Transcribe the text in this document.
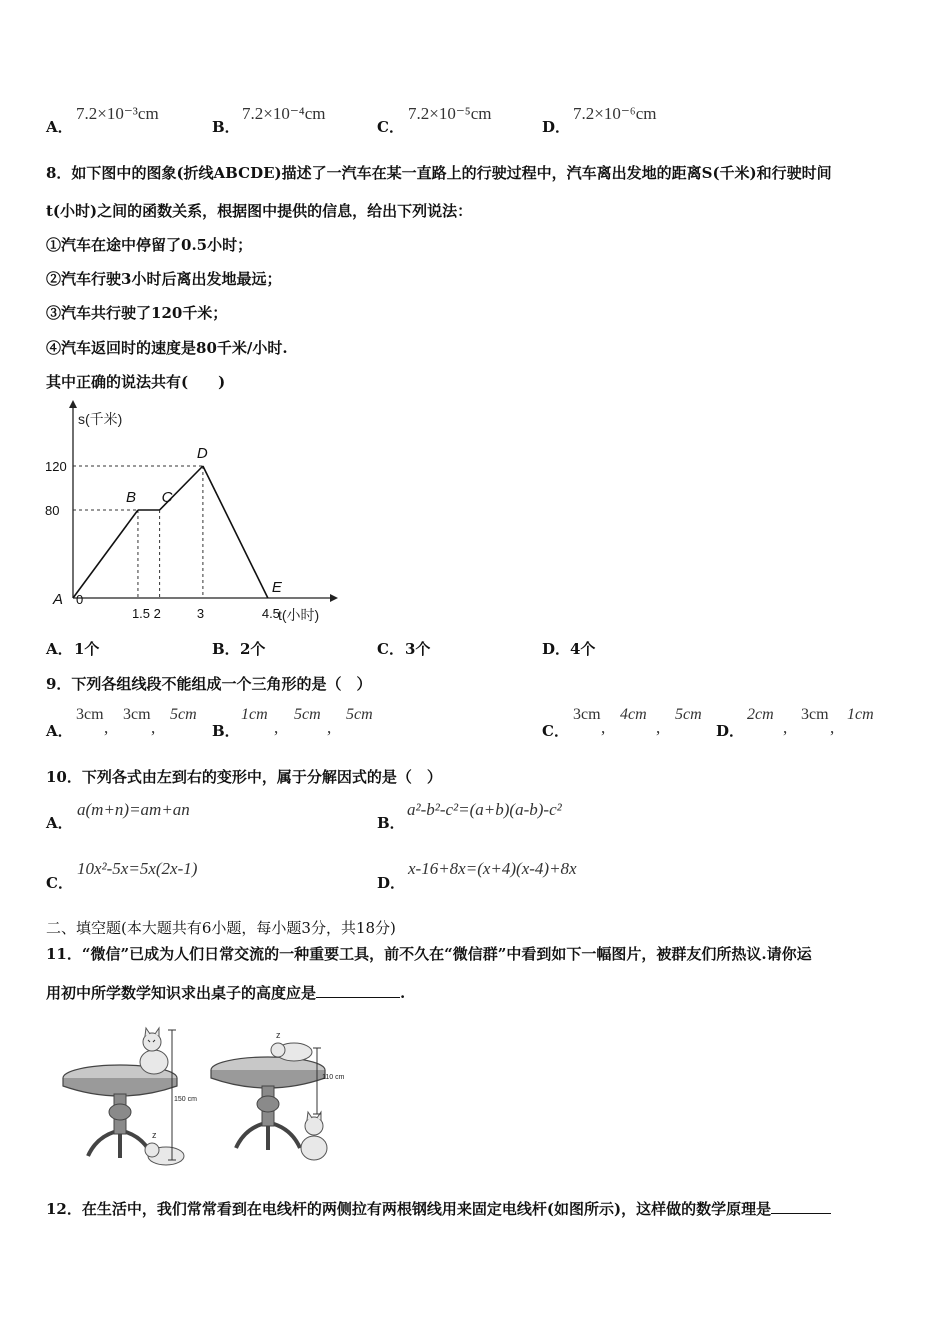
A．
7.2×10⁻³cm
B．
7.2×10⁻⁴cm
C．
7.2×10⁻⁵cm
D．
7.2×10⁻⁶cm
8．如下图中的图象(折线ABCDE)描述了一汽车在某一直路上的行驶过程中，汽车离出发地的距离S(千米)和行驶时间
t(小时)之间的函数关系，根据图中提供的信息，给出下列说法：
①汽车在途中停留了0.5小时；
②汽车行驶3小时后离出发地最远；
③汽车共行驶了120千米；
④汽车返回时的速度是80千米/小时.
其中正确的说法共有(　　)
s(千米)
t(小时)
A
B C
D
E
0
1.5 2	3	4.5
80
120
A． 1个	B． 2个	C． 3个	D． 4个
9．下列各组线段不能组成一个三角形的是（　）
A．
3cm
,
3cm
,
5cm
B．
1cm
,
5cm
,
5cm
C．
3cm
,
4cm
,
5cm
D．
2cm
,
3cm
,
1cm
10．下列各式由左到右的变形中，属于分解因式的是（　）
A．
a(m+n)=am+an
B．
a²-b²-c²=(a+b)(a-b)-c²
C．
10x²-5x=5x(2x-1)
D．
x-16+8x=(x+4)(x-4)+8x
二、填空题(本大题共有6小题，每小题3分，共18分)
11．“微信”已成为人们日常交流的一种重要工具，前不久在“微信群”中看到如下一幅图片，被群友们所热议.请你运
用初中所学数学知识求出桌子的高度应是	.
z
150 cm
z
110 cm
12．在生活中，我们常常看到在电线杆的两侧拉有两根钢线用来固定电线杆(如图所示)，这样做的数学原理是
